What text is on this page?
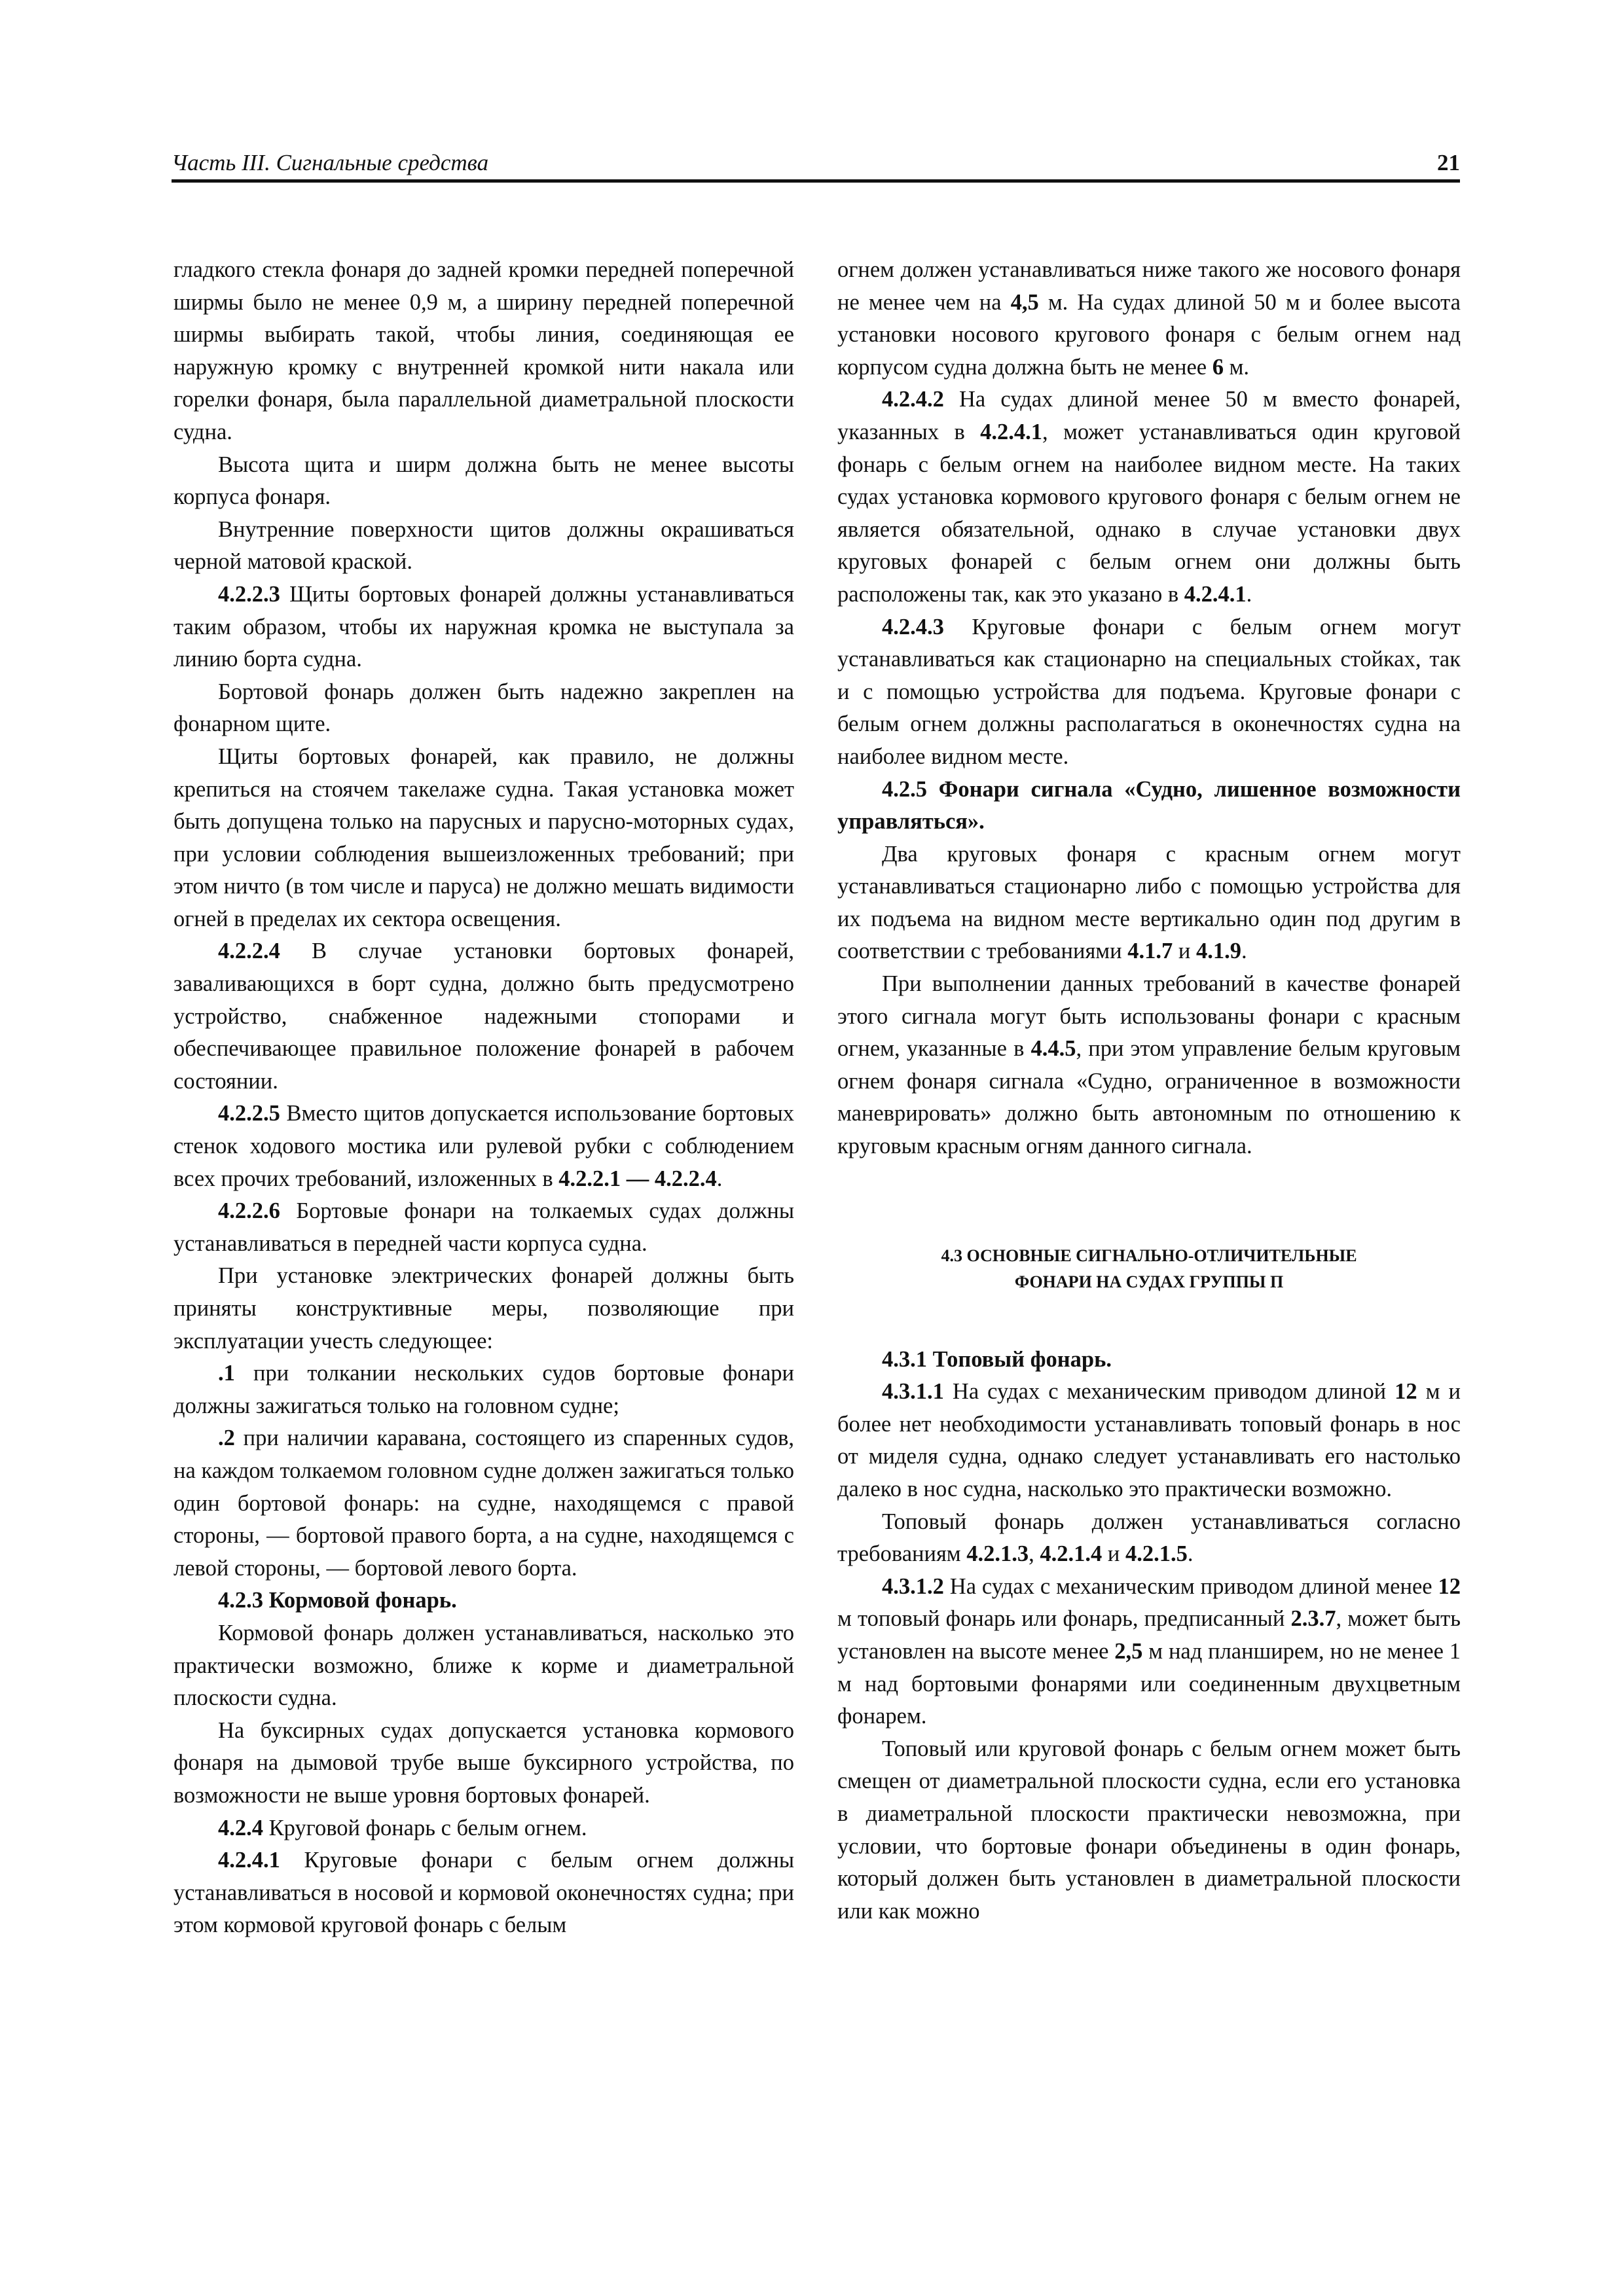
Часть III. Сигнальные средства	21

гладкого стекла фонаря до задней кромки передней поперечной ширмы было не менее 0,9 м, а ширину передней поперечной ширмы выбирать такой, чтобы линия, соединяющая ее наружную кромку с внутренней кромкой нити накала или горелки фонаря, была параллельной диаметральной плоскости судна.

Высота щита и ширм должна быть не менее высоты корпуса фонаря.

Внутренние поверхности щитов должны окрашиваться черной матовой краской.

4.2.2.3 Щиты бортовых фонарей должны устанавливаться таким образом, чтобы их наружная кромка не выступала за линию борта судна.

Бортовой фонарь должен быть надежно закреплен на фонарном щите.

Щиты бортовых фонарей, как правило, не должны крепиться на стоячем такелаже судна. Такая установка может быть допущена только на парусных и парусно-моторных судах, при условии соблюдения вышеизложенных требований; при этом ничто (в том числе и паруса) не должно мешать видимости огней в пределах их сектора освещения.

4.2.2.4 В случае установки бортовых фонарей, заваливающихся в борт судна, должно быть предусмотрено устройство, снабженное надежными стопорами и обеспечивающее правильное положение фонарей в рабочем состоянии.

4.2.2.5 Вместо щитов допускается использование бортовых стенок ходового мостика или рулевой рубки с соблюдением всех прочих требований, изложенных в 4.2.2.1 — 4.2.2.4.

4.2.2.6 Бортовые фонари на толкаемых судах должны устанавливаться в передней части корпуса судна.

При установке электрических фонарей должны быть приняты конструктивные меры, позволяющие при эксплуатации учесть следующее:

.1 при толкании нескольких судов бортовые фонари должны зажигаться только на головном судне;

.2 при наличии каравана, состоящего из спаренных судов, на каждом толкаемом головном судне должен зажигаться только один бортовой фонарь: на судне, находящемся с правой стороны, — бортовой правого борта, а на судне, находящемся с левой стороны, — бортовой левого борта.

4.2.3 Кормовой фонарь.

Кормовой фонарь должен устанавливаться, насколько это практически возможно, ближе к корме и диаметральной плоскости судна.

На буксирных судах допускается установка кормового фонаря на дымовой трубе выше буксирного устройства, по возможности не выше уровня бортовых фонарей.

4.2.4 Круговой фонарь с белым огнем.

4.2.4.1 Круговые фонари с белым огнем должны устанавливаться в носовой и кормовой оконечностях судна; при этом кормовой круговой фонарь с белым

огнем должен устанавливаться ниже такого же носового фонаря не менее чем на 4,5 м. На судах длиной 50 м и более высота установки носового кругового фонаря с белым огнем над корпусом судна должна быть не менее 6 м.

4.2.4.2 На судах длиной менее 50 м вместо фонарей, указанных в 4.2.4.1, может устанавливаться один круговой фонарь с белым огнем на наиболее видном месте. На таких судах установка кормового кругового фонаря с белым огнем не является обязательной, однако в случае установки двух круговых фонарей с белым огнем они должны быть расположены так, как это указано в 4.2.4.1.

4.2.4.3 Круговые фонари с белым огнем могут устанавливаться как стационарно на специальных стойках, так и с помощью устройства для подъема. Круговые фонари с белым огнем должны располагаться в оконечностях судна на наиболее видном месте.

4.2.5 Фонари сигнала «Судно, лишенное возможности управляться».

Два круговых фонаря с красным огнем могут устанавливаться стационарно либо с помощью устройства для их подъема на видном месте вертикально один под другим в соответствии с требованиями 4.1.7 и 4.1.9.

При выполнении данных требований в качестве фонарей этого сигнала могут быть использованы фонари с красным огнем, указанные в 4.4.5, при этом управление белым круговым огнем фонаря сигнала «Судно, ограниченное в возможности маневрировать» должно быть автономным по отношению к круговым красным огням данного сигнала.

4.3 ОСНОВНЫЕ СИГНАЛЬНО-ОТЛИЧИТЕЛЬНЫЕ
ФОНАРИ НА СУДАХ ГРУППЫ П

4.3.1 Топовый фонарь.

4.3.1.1 На судах с механическим приводом длиной 12 м и более нет необходимости устанавливать топовый фонарь в нос от миделя судна, однако следует устанавливать его настолько далеко в нос судна, насколько это практически возможно.

Топовый фонарь должен устанавливаться согласно требованиям 4.2.1.3, 4.2.1.4 и 4.2.1.5.

4.3.1.2 На судах с механическим приводом длиной менее 12 м топовый фонарь или фонарь, предписанный 2.3.7, может быть установлен на высоте менее 2,5 м над планширем, но не менее 1 м над бортовыми фонарями или соединенным двухцветным фонарем.

Топовый или круговой фонарь с белым огнем может быть смещен от диаметральной плоскости судна, если его установка в диаметральной плоскости практически невозможна, при условии, что бортовые фонари объединены в один фонарь, который должен быть установлен в диаметральной плоскости или как можно
